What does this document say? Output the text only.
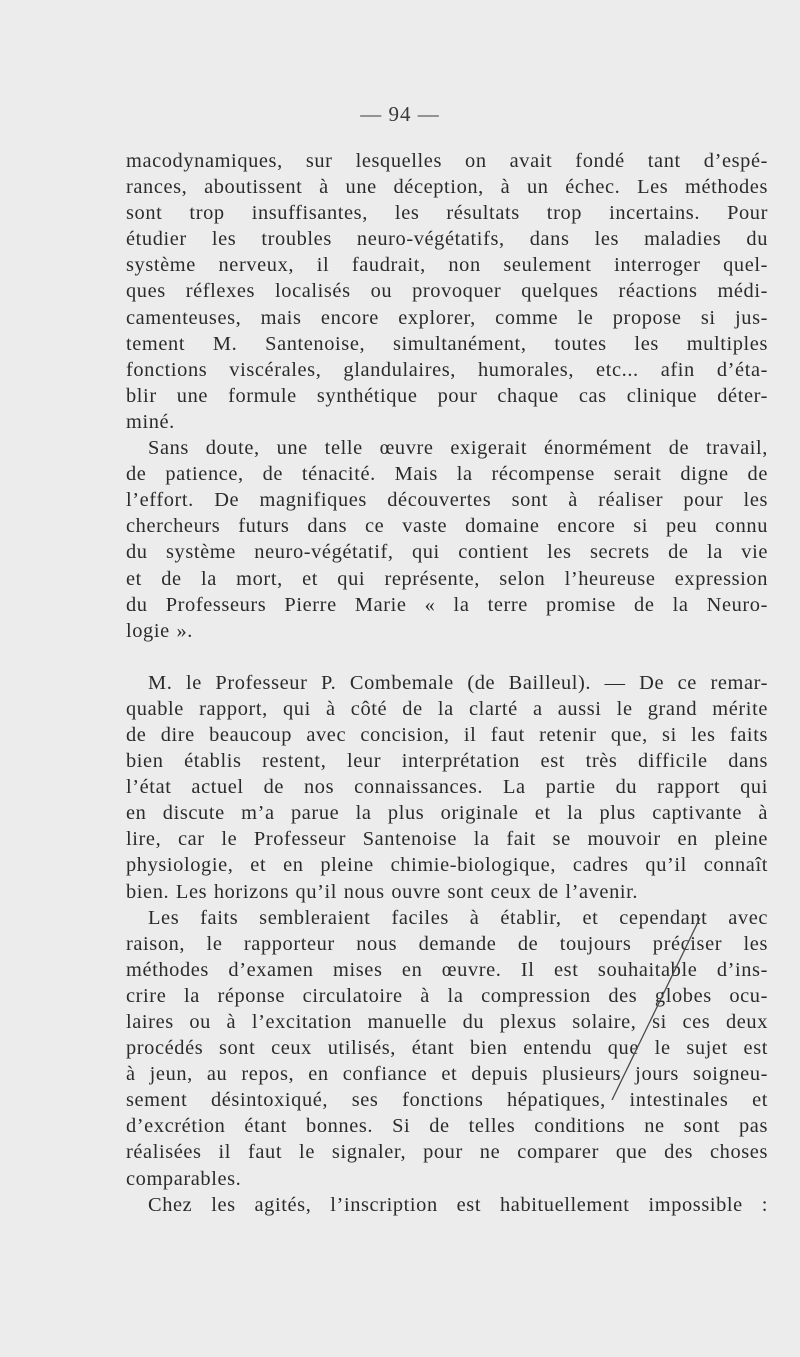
— 94 —
macodynamiques, sur lesquelles on avait fondé tant d’espé-
rances, aboutissent à une déception, à un échec. Les méthodes
sont trop insuffisantes, les résultats trop incertains. Pour
étudier les troubles neuro-végétatifs, dans les maladies du
système nerveux, il faudrait, non seulement interroger quel-
ques réflexes localisés ou provoquer quelques réactions médi-
camenteuses, mais encore explorer, comme le propose si jus-
tement M. Santenoise, simultanément, toutes les multiples
fonctions viscérales, glandulaires, humorales, etc... afin d’éta-
blir une formule synthétique pour chaque cas clinique déter-
miné.
Sans doute, une telle œuvre exigerait énormément de travail,
de patience, de ténacité. Mais la récompense serait digne de
l’effort. De magnifiques découvertes sont à réaliser pour les
chercheurs futurs dans ce vaste domaine encore si peu connu
du système neuro-végétatif, qui contient les secrets de la vie
et de la mort, et qui représente, selon l’heureuse expression
du Professeurs Pierre Marie « la terre promise de la Neuro-
logie ».
M. le Professeur P. Combemale (de Bailleul). — De ce remar-
quable rapport, qui à côté de la clarté a aussi le grand mérite
de dire beaucoup avec concision, il faut retenir que, si les faits
bien établis restent, leur interprétation est très difficile dans
l’état actuel de nos connaissances. La partie du rapport qui
en discute m’a parue la plus originale et la plus captivante à
lire, car le Professeur Santenoise la fait se mouvoir en pleine
physiologie, et en pleine chimie-biologique, cadres qu’il connaît
bien. Les horizons qu’il nous ouvre sont ceux de l’avenir.
Les faits sembleraient faciles à établir, et cependant avec
raison, le rapporteur nous demande de toujours préciser les
méthodes d’examen mises en œuvre. Il est souhaitable d’ins-
crire la réponse circulatoire à la compression des globes ocu-
laires ou à l’excitation manuelle du plexus solaire, si ces deux
procédés sont ceux utilisés, étant bien entendu que le sujet est
à jeun, au repos, en confiance et depuis plusieurs jours soigneu-
sement désintoxiqué, ses fonctions hépatiques, intestinales et
d’excrétion étant bonnes. Si de telles conditions ne sont pas
réalisées il faut le signaler, pour ne comparer que des choses
comparables.
Chez les agités, l’inscription est habituellement impossible :
